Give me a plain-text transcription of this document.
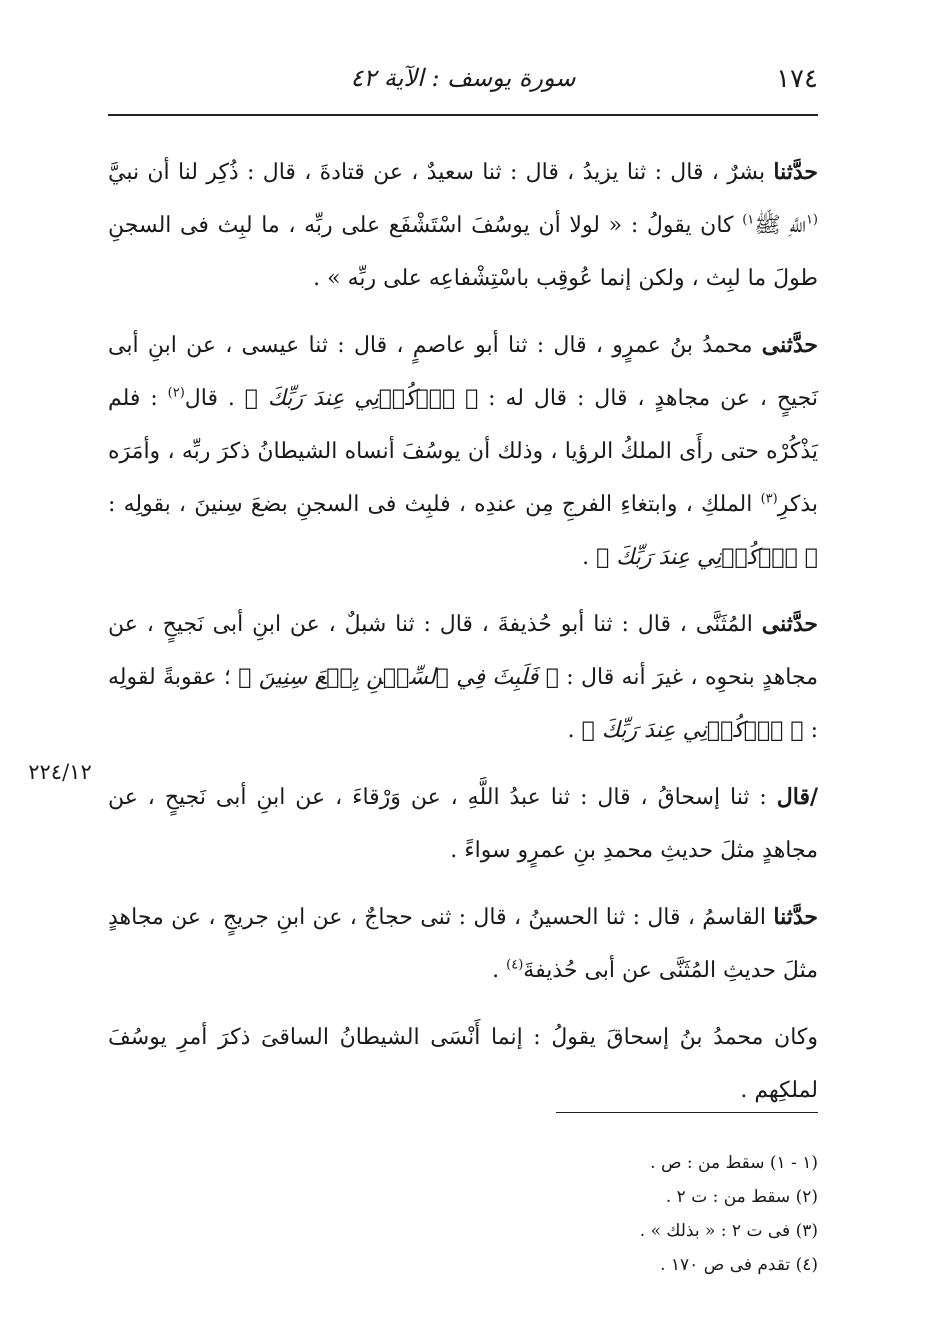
١٧٤
سورة يوسف : الآية ٤٢

حدَّثنا بشرٌ ، قال : ثنا يزيدُ ، قال : ثنا سعيدٌ ، عن قتادةَ ، قال : ذُكِر لنا أن نبيَّ $^{(١}$اللَّهِ ﷺ$^{١)}$ كان يقولُ : « لولا أن يوسُفَ اسْتَشْفَع على ربِّه ، ما لبِث فى السجنِ طولَ ما لبِث ، ولكن إنما عُوقِب باسْتِشْفاعِه على ربِّه » .

حدَّثنى محمدُ بنُ عمرٍو ، قال : ثنا أبو عاصمٍ ، قال : ثنا عيسى ، عن ابنِ أبى نَجيحٍ ، عن مجاهدٍ ، قال : قال له : ﴿ ٱذۡكُرۡنِي عِندَ رَبِّكَ ﴾ . قال$^{(٢)}$ : فلم يَذْكُرْه حتى رأَى الملكُ الرؤيا ، وذلك أن يوسُفَ أنساه الشيطانُ ذكرَ ربِّه ، وأمَرَه بذكرِ$^{(٣)}$ الملكِ ، وابتغاءِ الفرجِ مِن عندِه ، فلبِث فى السجنِ بضعَ سِنينَ ، بقولِه : ﴿ ٱذۡكُرۡنِي عِندَ رَبِّكَ ﴾ .

حدَّثنى المُثَنَّى ، قال : ثنا أبو حُذيفةَ ، قال : ثنا شبلٌ ، عن ابنِ أبى نَجيحٍ ، عن مجاهدٍ بنحوِه ، غيرَ أنه قال : ﴿ فَلَبِثَ فِي ٱلسِّجۡنِ بِضۡعَ سِنِينَ ﴾ ؛ عقوبةً لقولِه : ﴿ ٱذۡكُرۡنِي عِندَ رَبِّكَ ﴾ .

/قال : ثنا إسحاقُ ، قال : ثنا عبدُ اللَّهِ ، عن وَرْقاءَ ، عن ابنِ أبى نَجيحٍ ، عن مجاهدٍ مثلَ حديثِ محمدِ بنِ عمرٍو سواءً .

حدَّثنا القاسمُ ، قال : ثنا الحسينُ ، قال : ثنى حجاجٌ ، عن ابنِ جريجٍ ، عن مجاهدٍ مثلَ حديثِ المُثَنَّى عن أبى حُذيفةَ$^{(٤)}$ .

وكان محمدُ بنُ إسحاقَ يقولُ : إنما أَنْسَى الشيطانُ الساقىَ ذكرَ أمرِ يوسُفَ لملكِهم .

٢٢٤/١٢
(١ - ١) سقط من : ص .
(٢) سقط من : ت ٢ .
(٣) فى ت ٢ : « بذلك » .
(٤) تقدم فى ص ١٧٠ .
